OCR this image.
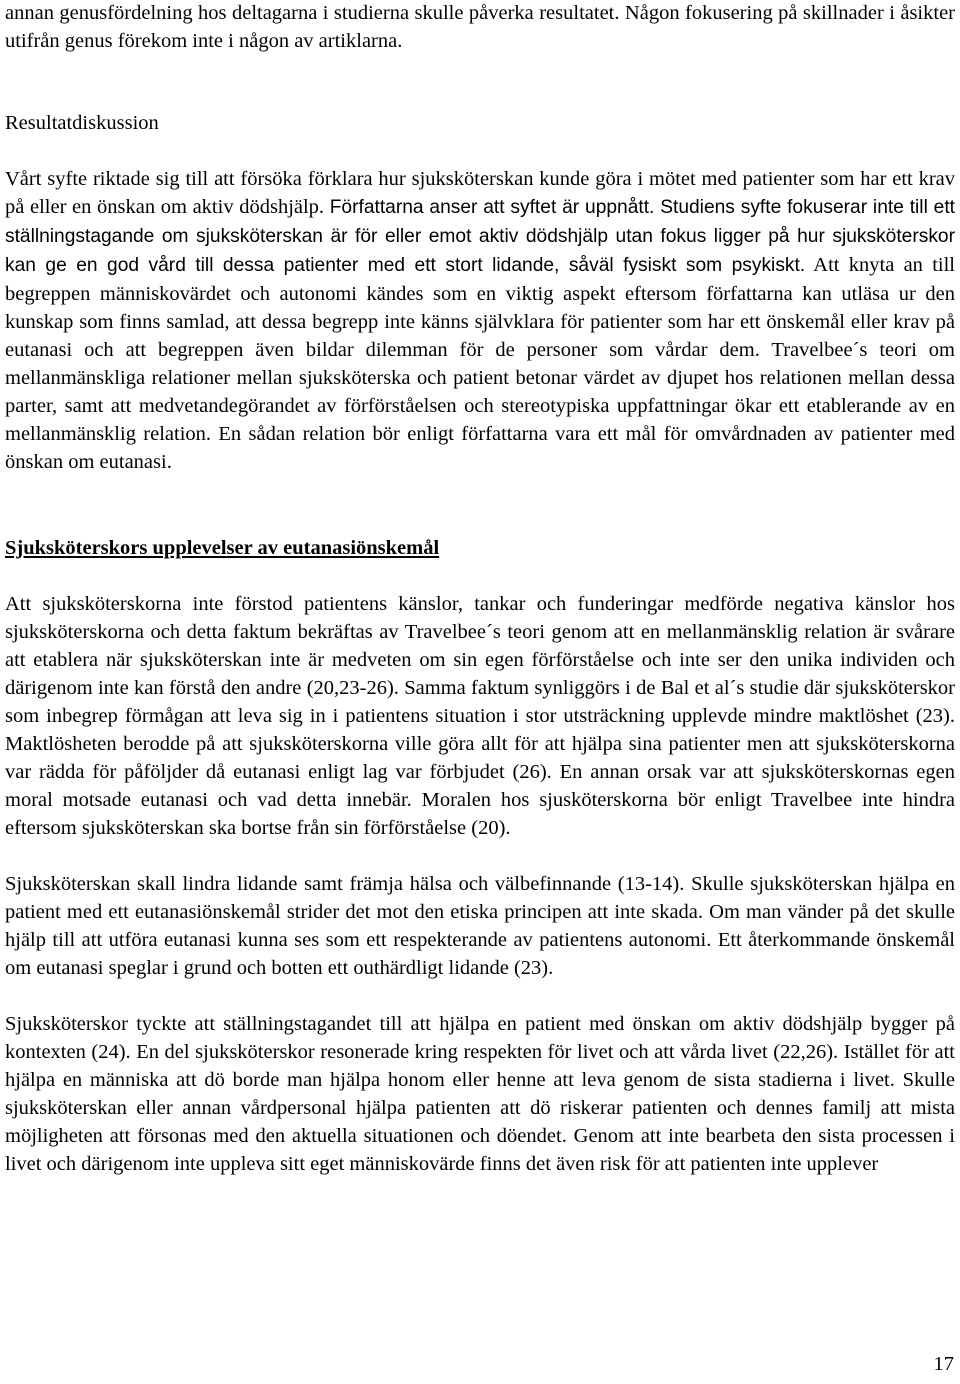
annan genusfördelning hos deltagarna i studierna skulle påverka resultatet. Någon fokusering på skillnader i åsikter utifrån genus förekom inte i någon av artiklarna.

Resultatdiskussion

Vårt syfte riktade sig till att försöka förklara hur sjuksköterskan kunde göra i mötet med patienter som har ett krav på eller en önskan om aktiv dödshjälp. Författarna anser att syftet är uppnått. Studiens syfte fokuserar inte till ett ställningstagande om sjuksköterskan är för eller emot aktiv dödshjälp utan fokus ligger på hur sjuksköterskor kan ge en god vård till dessa patienter med ett stort lidande, såväl fysiskt som psykiskt. Att knyta an till begreppen människovärdet och autonomi kändes som en viktig aspekt eftersom författarna kan utläsa ur den kunskap som finns samlad, att dessa begrepp inte känns självklara för patienter som har ett önskemål eller krav på eutanasi och att begreppen även bildar dilemman för de personer som vårdar dem. Travelbee´s teori om mellanmänskliga relationer mellan sjuksköterska och patient betonar värdet av djupet hos relationen mellan dessa parter, samt att medvetandegörandet av förförståelsen och stereotypiska uppfattningar ökar ett etablerande av en mellanmänsklig relation. En sådan relation bör enligt författarna vara ett mål för omvårdnaden av patienter med önskan om eutanasi.

Sjuksköterskors upplevelser av eutanasiönskemål

Att sjuksköterskorna inte förstod patientens känslor, tankar och funderingar medförde negativa känslor hos sjuksköterskorna och detta faktum bekräftas av Travelbee´s teori genom att en mellanmänsklig relation är svårare att etablera när sjuksköterskan inte är medveten om sin egen förförståelse och inte ser den unika individen och därigenom inte kan förstå den andre (20,23-26). Samma faktum synliggörs i de Bal et al´s studie där sjuksköterskor som inbegrep förmågan att leva sig in i patientens situation i stor utsträckning upplevde mindre maktlöshet (23). Maktlösheten berodde på att sjuksköterskorna ville göra allt för att hjälpa sina patienter men att sjuksköterskorna var rädda för påföljder då eutanasi enligt lag var förbjudet (26). En annan orsak var att sjuksköterskornas egen moral motsade eutanasi och vad detta innebär. Moralen hos sjusköterskorna bör enligt Travelbee inte hindra eftersom sjuksköterskan ska bortse från sin förförståelse (20).

Sjuksköterskan skall lindra lidande samt främja hälsa och välbefinnande (13-14). Skulle sjuksköterskan hjälpa en patient med ett eutanasiönskemål strider det mot den etiska principen att inte skada. Om man vänder på det skulle hjälp till att utföra eutanasi kunna ses som ett respekterande av patientens autonomi. Ett återkommande önskemål om eutanasi speglar i grund och botten ett outhärdligt lidande (23).

Sjuksköterskor tyckte att ställningstagandet till att hjälpa en patient med önskan om aktiv dödshjälp bygger på kontexten (24). En del sjuksköterskor resonerade kring respekten för livet och att vårda livet (22,26). Istället för att hjälpa en människa att dö borde man hjälpa honom eller henne att leva genom de sista stadierna i livet. Skulle sjuksköterskan eller annan vårdpersonal hjälpa patienten att dö riskerar patienten och dennes familj att mista möjligheten att försonas med den aktuella situationen och döendet. Genom att inte bearbeta den sista processen i livet och därigenom inte uppleva sitt eget människovärde finns det även risk för att patienten inte upplever

17
